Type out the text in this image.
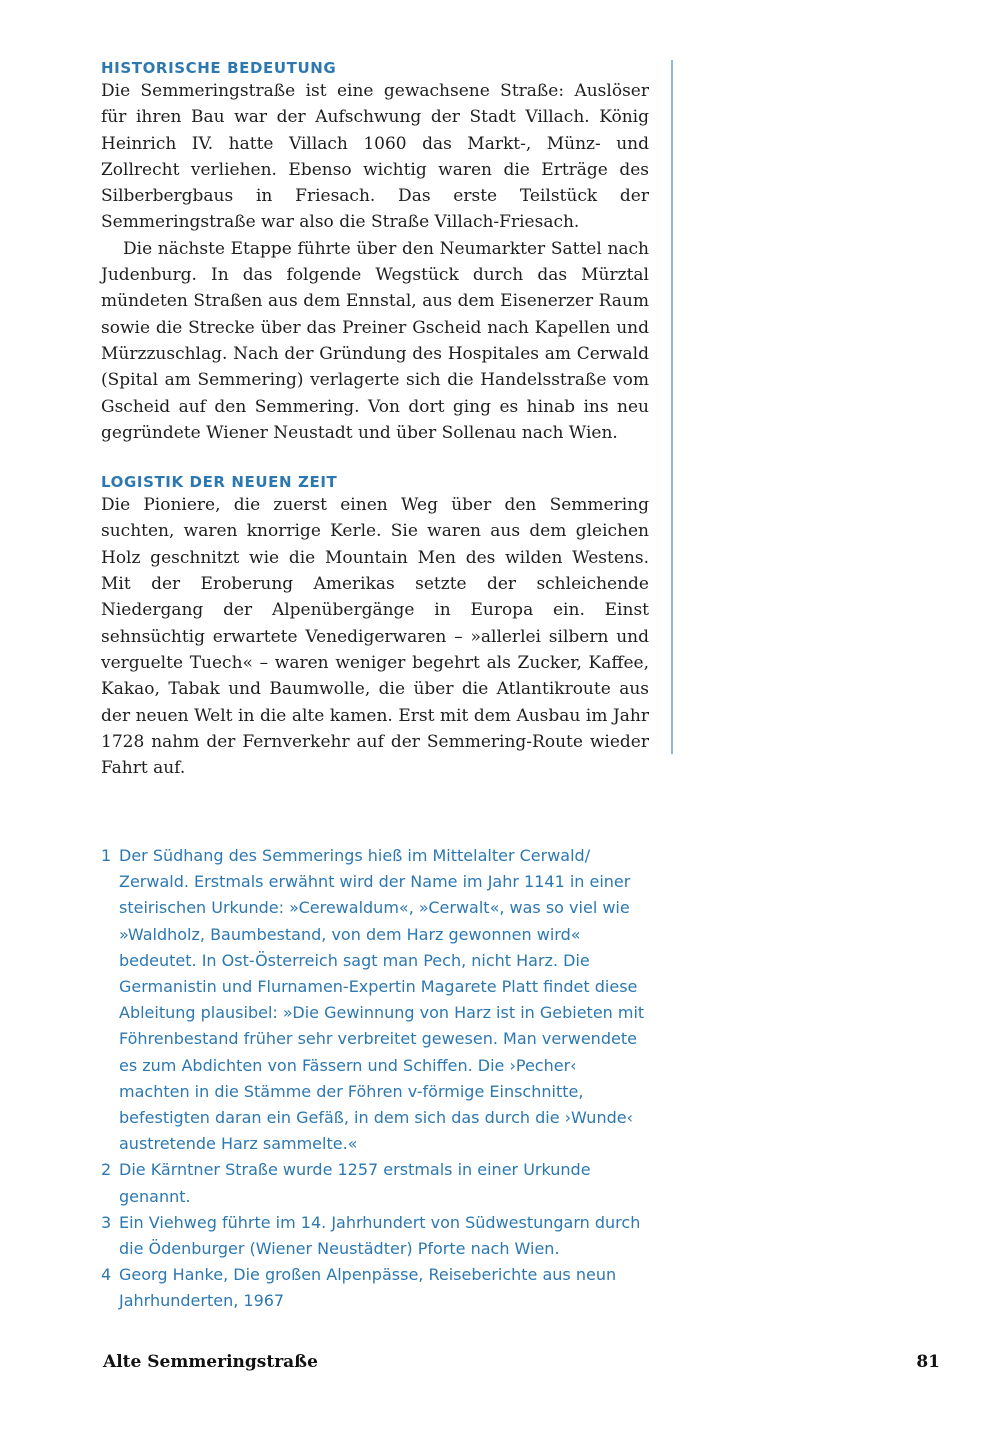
HISTORISCHE BEDEUTUNG

Die Semmeringstraße ist eine gewachsene Straße: Auslöser für ihren Bau war der Aufschwung der Stadt Villach. König Heinrich IV. hatte Villach 1060 das Markt-, Münz- und Zollrecht verliehen. Ebenso wichtig waren die Erträge des Silberbergbaus in Friesach. Das erste Teilstück der Semmeringstraße war also die Straße Villach-Friesach.

Die nächste Etappe führte über den Neumarkter Sattel nach Judenburg. In das folgende Wegstück durch das Mürztal mündeten Straßen aus dem Ennstal, aus dem Eisenerzer Raum sowie die Strecke über das Preiner Gscheid nach Kapellen und Mürzzuschlag. Nach der Gründung des Hospitales am Cerwald (Spital am Semmering) verlagerte sich die Handelsstraße vom Gscheid auf den Semmering. Von dort ging es hinab ins neu gegründete Wiener Neustadt und über Sollenau nach Wien.

LOGISTIK DER NEUEN ZEIT

Die Pioniere, die zuerst einen Weg über den Semmering suchten, waren knorrige Kerle. Sie waren aus dem gleichen Holz geschnitzt wie die Mountain Men des wilden Westens. Mit der Eroberung Amerikas setzte der schleichende Niedergang der Alpenübergänge in Europa ein. Einst sehnsüchtig erwartete Venedigerwaren – »allerlei silbern und verguelte Tuech« – waren weniger begehrt als Zucker, Kaffee, Kakao, Tabak und Baumwolle, die über die Atlantikroute aus der neuen Welt in die alte kamen. Erst mit dem Ausbau im Jahr 1728 nahm der Fernverkehr auf der Semmering-Route wieder Fahrt auf.

1 Der Südhang des Semmerings hieß im Mittelalter Cerwald/ Zerwald. Erstmals erwähnt wird der Name im Jahr 1141 in einer steirischen Urkunde: »Cerewaldum«, »Cerwalt«, was so viel wie »Waldholz, Baumbestand, von dem Harz gewonnen wird« bedeutet. In Ost-Österreich sagt man Pech, nicht Harz. Die Germanistin und Flurnamen-Expertin Magarete Platt findet diese Ableitung plausibel: »Die Gewinnung von Harz ist in Gebieten mit Föhrenbestand früher sehr verbreitet gewesen. Man verwendete es zum Abdichten von Fässern und Schiffen. Die ›Pecher‹ machten in die Stämme der Föhren v-förmige Einschnitte, befestigten daran ein Gefäß, in dem sich das durch die ›Wunde‹ austretende Harz sammelte.«
2 Die Kärntner Straße wurde 1257 erstmals in einer Urkunde genannt.
3 Ein Viehweg führte im 14. Jahrhundert von Südwestungarn durch die Ödenburger (Wiener Neustädter) Pforte nach Wien.
4 Georg Hanke, Die großen Alpenpässe, Reiseberichte aus neun Jahrhunderten, 1967
Alte Semmeringstraße	81
